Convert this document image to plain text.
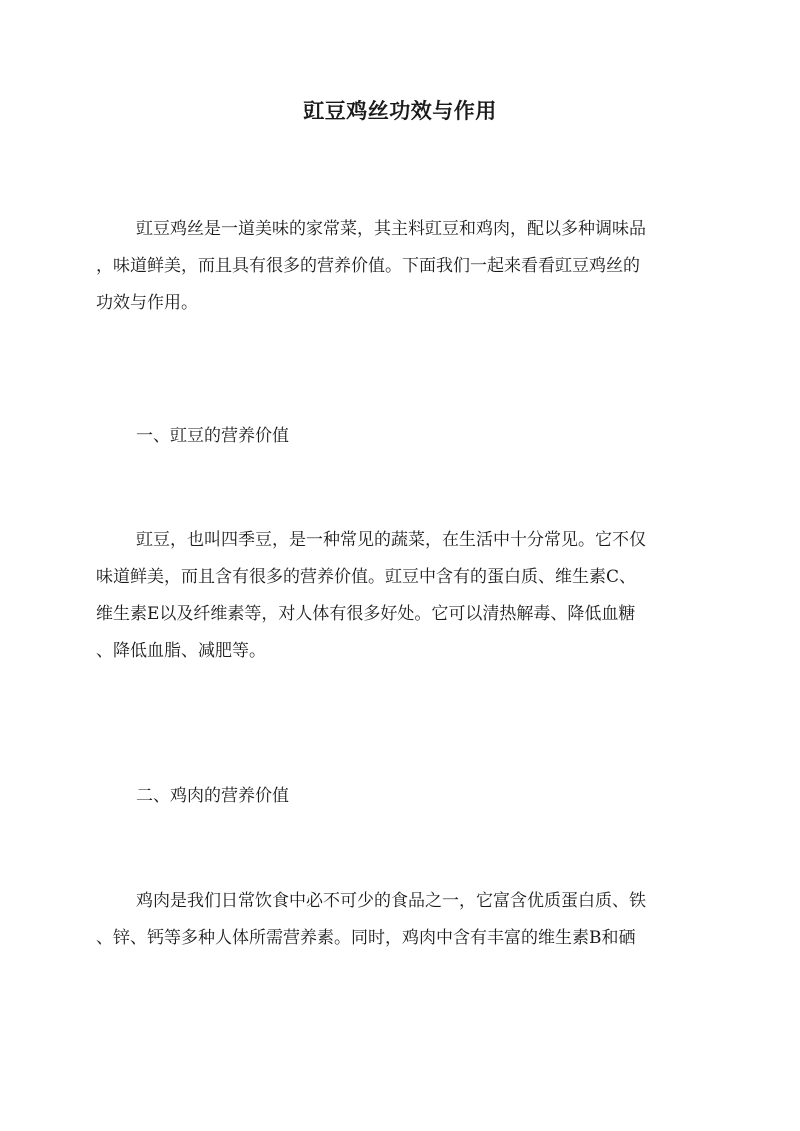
豇豆鸡丝功效与作用
豇豆鸡丝是一道美味的家常菜，其主料豇豆和鸡肉，配以多种调味品
，味道鲜美，而且具有很多的营养价值。下面我们一起来看看豇豆鸡丝的
功效与作用。
一、豇豆的营养价值
豇豆，也叫四季豆，是一种常见的蔬菜，在生活中十分常见。它不仅
味道鲜美，而且含有很多的营养价值。豇豆中含有的蛋白质、维生素C、
维生素E以及纤维素等，对人体有很多好处。它可以清热解毒、降低血糖
、降低血脂、减肥等。
二、鸡肉的营养价值
鸡肉是我们日常饮食中必不可少的食品之一，它富含优质蛋白质、铁
、锌、钙等多种人体所需营养素。同时，鸡肉中含有丰富的维生素B和硒
